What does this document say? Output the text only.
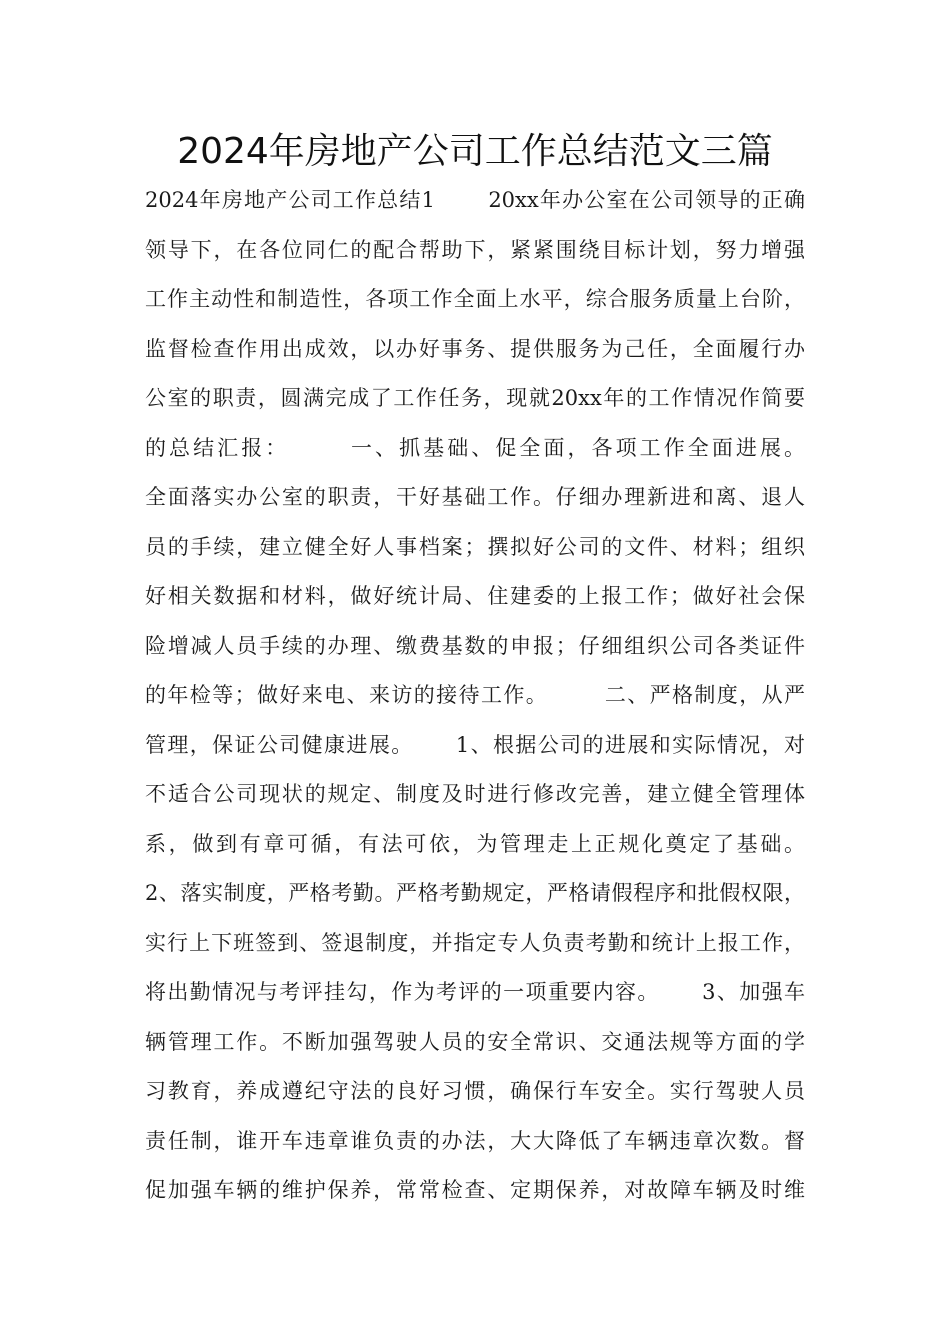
2024年房地产公司工作总结范文三篇
2024年房地产公司工作总结1　　 20xx年办公室在公司领导的正确
领导下，在各位同仁的配合帮助下，紧紧围绕目标计划，努力增强
工作主动性和制造性，各项工作全面上水平，综合服务质量上台阶，
监督检查作用出成效，以办好事务、提供服务为己任，全面履行办
公室的职责，圆满完成了工作任务，现就20xx年的工作情况作简要
的总结汇报：　　　一、抓基础、促全面，各项工作全面进展。
全面落实办公室的职责，干好基础工作。仔细办理新进和离、退人
员的手续，建立健全好人事档案；撰拟好公司的文件、材料；组织
好相关数据和材料，做好统计局、住建委的上报工作；做好社会保
险增减人员手续的办理、缴费基数的申报；仔细组织公司各类证件
的年检等；做好来电、来访的接待工作。　　　二、严格制度，从严
管理，保证公司健康进展。　　 1、根据公司的进展和实际情况，对
不适合公司现状的规定、制度及时进行修改完善，建立健全管理体
系，做到有章可循，有法可依，为管理走上正规化奠定了基础。
2、落实制度，严格考勤。严格考勤规定，严格请假程序和批假权限，
实行上下班签到、签退制度，并指定专人负责考勤和统计上报工作，
将出勤情况与考评挂勾，作为考评的一项重要内容。　　 3、加强车
辆管理工作。不断加强驾驶人员的安全常识、交通法规等方面的学
习教育，养成遵纪守法的良好习惯，确保行车安全。实行驾驶人员
责任制，谁开车违章谁负责的办法，大大降低了车辆违章次数。督
促加强车辆的维护保养，常常检查、定期保养，对故障车辆及时维
